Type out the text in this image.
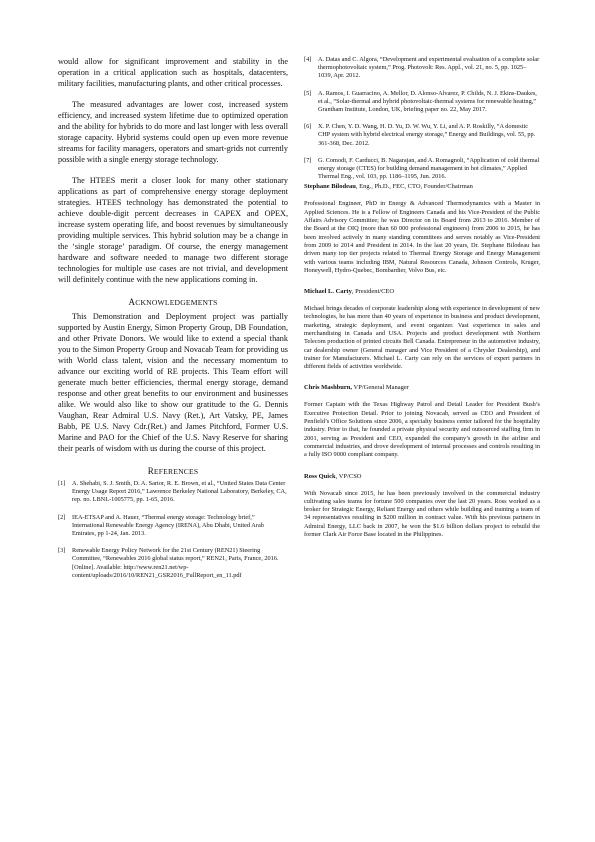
would allow for significant improvement and stability in the operation in a critical application such as hospitals, datacenters, military facilities, manufacturing plants, and other critical processes.

The measured advantages are lower cost, increased system efficiency, and increased system lifetime due to optimized operation and the ability for hybrids to do more and last longer with less overall storage capacity. Hybrid systems could open up even more revenue streams for facility managers, operators and smart-grids not currently possible with a single energy storage technology.

The HTEES merit a closer look for many other stationary applications as part of comprehensive energy storage deployment strategies. HTEES technology has demonstrated the potential to achieve double-digit percent decreases in CAPEX and OPEX, increase system operating life, and boost revenues by simultaneously providing multiple services. This hybrid solution may be a change in the ‘single storage’ paradigm. Of course, the energy management hardware and software needed to manage two different storage technologies for multiple use cases are not trivial, and development will definitely continue with the new applications coming in.

ACKNOWLEDGEMENTS

This Demonstration and Deployment project was partially supported by Austin Energy, Simon Property Group, DB Foundation, and other Private Donors. We would like to extend a special thank you to the Simon Property Group and Novacab Team for providing us with World class talent, vision and the necessary momentum to advance our exciting world of RE projects. This Team effort will generate much better efficiencies, thermal energy storage, demand response and other great benefits to our environment and businesses alike. We would also like to show our gratitude to the G. Dennis Vaughan, Rear Admiral U.S. Navy (Ret.), Art Vatsky, PE, James Babb, PE U.S. Navy Cdr.(Ret.) and James Pitchford, Former U.S. Marine and PAO for the Chief of the U.S. Navy Reserve for sharing their pearls of wisdom with us during the course of this project.

REFERENCES
[1]	A. Shehabi, S. J. Smith, D. A. Sartor, R. E. Brown, et al., “United States Data Center Energy Usage Report 2016,” Lawrence Berkeley National Laboratory, Berkeley, CA, rep. no. LBNL-1005775, pp. 1-65, 2016.
[2]	IEA-ETSAP and A. Hauer, “Thermal energy storage: Technology brief,” International Renewable Energy Agency (IRENA), Abu Dhabi, United Arab Emirates, pp 1-24, Jan. 2013.
[3]	Renewable Energy Policy Network for the 21st Century (REN21) Steering Committee, “Renewables 2016 global status report,” REN21, Paris, France, 2016. [Online]. Available: http://www.ren21.net/wp-content/uploads/2016/10/REN21_GSR2016_FullReport_en_11.pdf
[4]	A. Datas and C. Algora, “Development and experimental evaluation of a complete solar thermophotovoltaic system,” Prog. Photovolt: Res. Appl., vol. 21, no. 5, pp. 1025–1039, Apr. 2012.
[5]	A. Ramos, I. Guarracino, A. Mellor, D. Alonso-Alvarez, P. Childs, N. J. Ekins-Daukes, et al., “Solar-thermal and hybrid photovoltaic-thermal systems for renewable heating,” Grantham Institute, London, UK, briefing paper no. 22, May 2017.
[6]	X. P. Chen, Y. D. Wang, H. D. Yu, D. W. Wu, Y. Li, and A. P. Roskilly, “A domestic CHP system with hybrid electrical energy storage,” Energy and Buildings, vol. 55, pp. 361-368, Dec. 2012.
[7]	G. Comodi, F. Carducci, B. Nagarajan, and A. Romagnoli, “Application of cold thermal energy storage (CTES) for building demand management in hot climates,” Applied Thermal Eng., vol. 103, pp. 1186–1195, Jun. 2016.
Stephane Bilodeau, Eng., Ph.D., FEC, CTO, Founder/Chairman

Professional Engineer, PhD in Energy & Advanced Thermodynamics with a Master in Applied Sciences. He is a Fellow of Engineers Canada and his Vice-President of the Public Affairs Advisory Committee; he was Director on its Board from 2013 to 2016. Member of the Board at the OIQ (more than 60 000 professional engineers) from 2006 to 2015, he has been involved actively in many standing committees and serves notably as Vice-President from 2009 to 2014 and President in 2014. In the last 20 years, Dr. Stephane Bilodeau has driven many top tier projects related to Thermal Energy Storage and Energy Management with various teams including IBM, Natural Resources Canada, Johnson Controls, Kruger, Honeywell, Hydro-Quebec, Bombardier, Volvo Bus, etc.

Michael L. Carty, President/CEO

Michael brings decades of corporate leadership along with experience in development of new technologies, he has more than 40 years of experience in business and product development, marketing, strategic deployment, and event organizer. Vast experience in sales and merchandising in Canada and USA. Projects and product development with Northern Telecom production of printed circuits Bell Canada. Entrepreneur in the automotive industry, car dealership owner (General manager and Vice President of a Chrysler Dealership), and trainer for Manufacturers. Michael L. Carty can rely on the services of expert partners in different fields of activities worldwide.

Chris Mashburn, VP/General Manager

Former Captain with the Texas Highway Patrol and Detail Leader for President Bush’s Executive Protection Detail. Prior to joining Novacab, served as CEO and President of Penfield’s Office Solutions since 2006, a specialty business center tailored for the hospitality industry. Prior to that, he founded a private physical security and outsourced staffing firm in 2001, serving as President and CEO, expanded the company’s growth in the airline and commercial industries, and drove development of internal processes and controls resulting in a fully ISO 9000 compliant company.

Ross Quick, VP/CSO

With Novacab since 2015, he has been previously involved in the commercial industry cultivating sales teams for fortune 500 companies over the last 20 years. Ross worked as a broker for Strategic Energy, Reliant Energy and others while building and training a team of 34 representatives resulting in $200 million in contract value. With his previous partners in Admiral Energy, LLC back in 2007, he won the $1.6 billion dollars project to rebuild the former Clark Air Force Base located in the Philippines.
